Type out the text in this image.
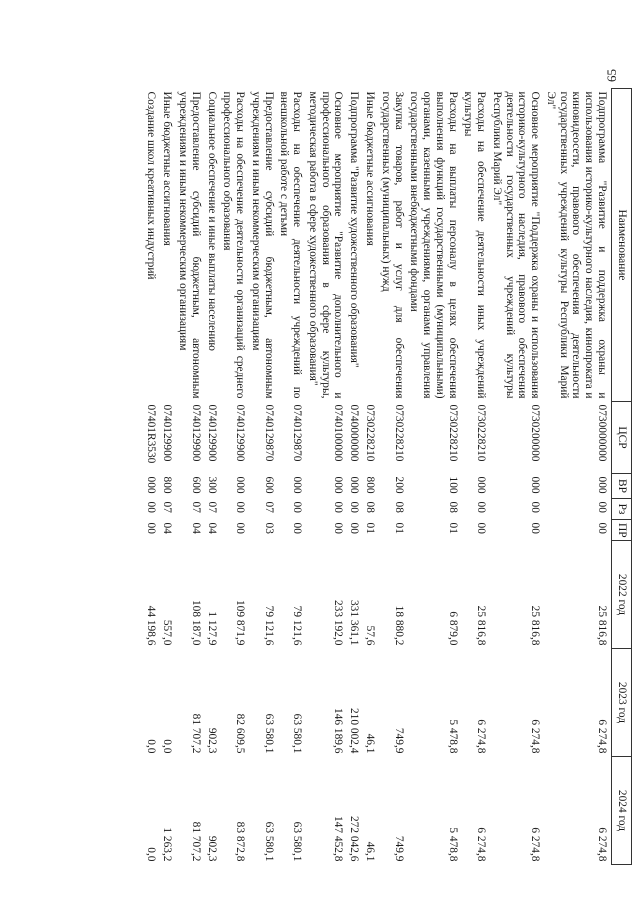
65
Наименование	ЦСР	ВР	Рз	ПР	2022 год	2023 год	2024 год
Подпрограмма "Развитие и поддержка охраны и использования историко-культурного наследия, кинопроката и киновидеосети, правового обеспечения деятельности государственных учреждений культуры Республики Марий Эл"	0730000000	000	00	00	25 816,8	6 274,8	6 274,8
Основное мероприятие "Поддержка охраны и использования историко-культурного наследия, правового обеспечения деятельности государственных учреждений культуры Республики Марий Эл"	0730200000	000	00	00	25 816,8	6 274,8	6 274,8
Расходы на обеспечение деятельности иных учреждений культуры	0730228210	000	00	00	25 816,8	6 274,8	6 274,8
Расходы на выплаты персоналу в целях обеспечения выполнения функций государственными (муниципальными) органами, казенными учреждениями, органами управления государственными внебюджетными фондами	0730228210	100	08	01	6 879,0	5 478,8	5 478,8
Закупка товаров, работ и услуг для обеспечения государственных (муниципальных) нужд	0730228210	200	08	01	18 880,2	749,9	749,9
Иные бюджетные ассигнования	0730228210	800	08	01	57,6	46,1	46,1
Подпрограмма "Развитие художественного образования"	0740000000	000	00	00	331 361,1	210 002,4	272 042,6
Основное мероприятие "Развитие дополнительного и профессионального образования в сфере культуры, методическая работа в сфере художественного образования"	0740100000	000	00	00	233 192,0	146 189,6	147 452,8
Расходы на обеспечение деятельности учреждений по внешкольной работе с детьми	0740129870	000	00	00	79 121,6	63 580,1	63 580,1
Предоставление субсидий бюджетным, автономным учреждениям и иным некоммерческим организациям	0740129870	600	07	03	79 121,6	63 580,1	63 580,1
Расходы на обеспечение деятельности организаций среднего профессионального образования	0740129900	000	00	00	109 871,9	82 609,5	83 872,8
Социальное обеспечение и иные выплаты населению	0740129900	300	07	04	1 127,9	902,3	902,3
Предоставление субсидий бюджетным, автономным учреждениям и иным некоммерческим организациям	0740129900	600	07	04	108 187,0	81 707,2	81 707,2
Иные бюджетные ассигнования	0740129900	800	07	04	557,0	0,0	1 263,2
Создание школ креативных индустрий	07401R3530	000	00	00	44 198,6	0,0	0,0
